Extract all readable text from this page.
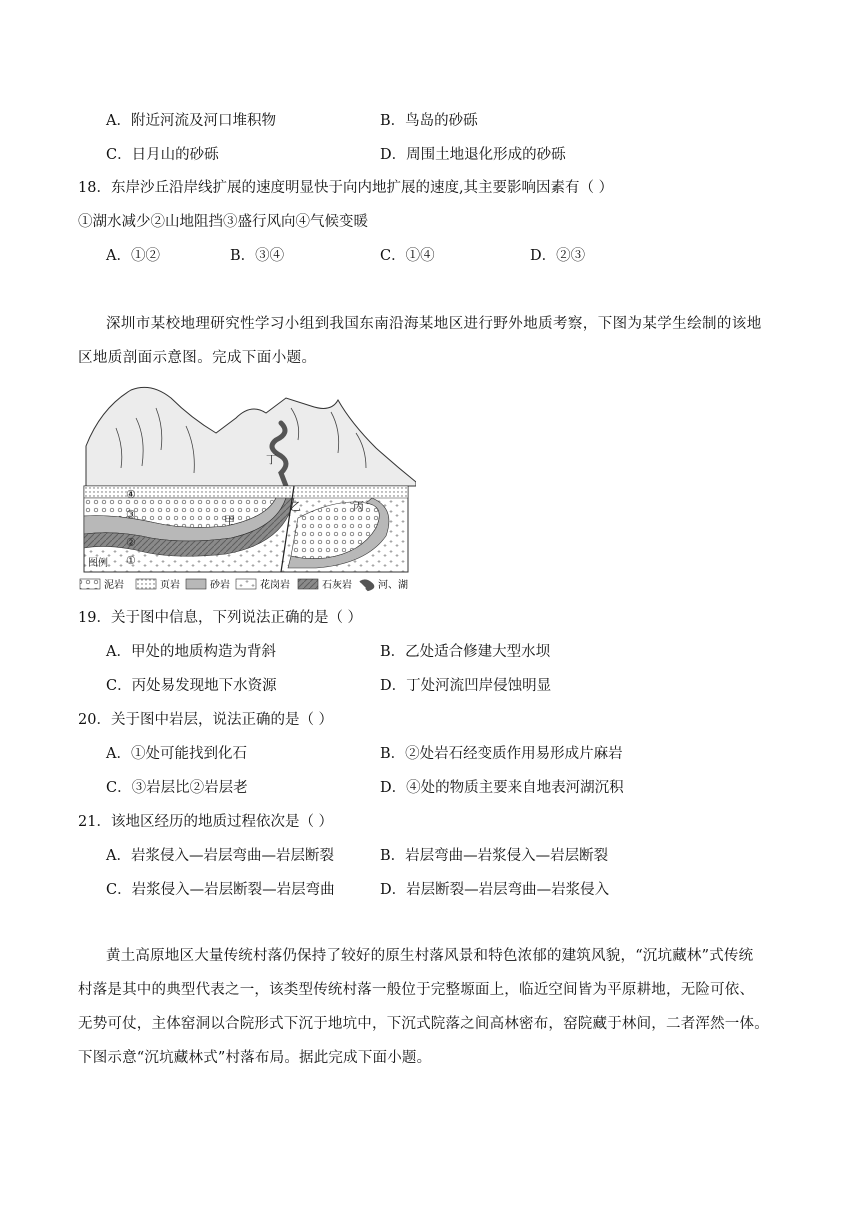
A．附近河流及河口堆积物	B．鸟岛的砂砾
C．日月山的砂砾	D．周围土地退化形成的砂砾
18．东岸沙丘沿岸线扩展的速度明显快于向内地扩展的速度,其主要影响因素有（ ）
①湖水减少②山地阻挡③盛行风向④气候变暖
A．①②	B．③④	C．①④	D．②③
深圳市某校地理研究性学习小组到我国东南沿海某地区进行野外地质考察，下图为某学生绘制的该地
区地质剖面示意图。完成下面小题。
丁
甲
乙	丙
④
③
②
①
图例
泥岩	页岩	砂岩	花岗岩	石灰岩	河、湖
19．关于图中信息，下列说法正确的是（ ）
A．甲处的地质构造为背斜	B．乙处适合修建大型水坝
C．丙处易发现地下水资源	D．丁处河流凹岸侵蚀明显
20．关于图中岩层，说法正确的是（ ）
A．①处可能找到化石	B．②处岩石经变质作用易形成片麻岩
C．③岩层比②岩层老	D．④处的物质主要来自地表河湖沉积
21．该地区经历的地质过程依次是（ ）
A．岩浆侵入—岩层弯曲—岩层断裂	B．岩层弯曲—岩浆侵入—岩层断裂
C．岩浆侵入—岩层断裂—岩层弯曲	D．岩层断裂—岩层弯曲—岩浆侵入
黄土高原地区大量传统村落仍保持了较好的原生村落风景和特色浓郁的建筑风貌，“沉坑藏林”式传统
村落是其中的典型代表之一，该类型传统村落一般位于完整塬面上，临近空间皆为平原耕地，无险可依、
无势可仗，主体窑洞以合院形式下沉于地坑中，下沉式院落之间高林密布，窑院藏于林间，二者浑然一体。
下图示意“沉坑藏林式”村落布局。据此完成下面小题。
